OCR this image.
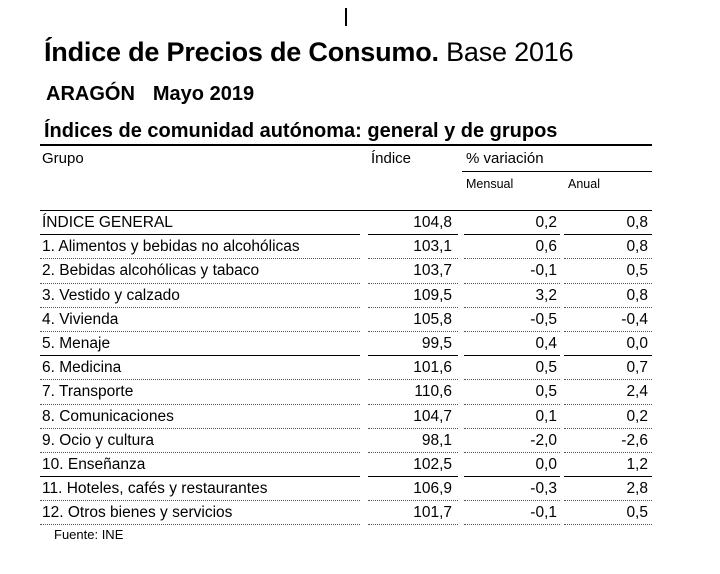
Índice de Precios de Consumo. Base 2016
ARAGÓN Mayo 2019
Índices de comunidad autónoma: general y de grupos
Grupo	Índice	% variación
Mensual	Anual
ÍNDICE GENERAL	104,8	0,2	0,8
1. Alimentos y bebidas no alcohólicas	103,1	0,6	0,8
2. Bebidas alcohólicas y tabaco	103,7	-0,1	0,5
3. Vestido y calzado	109,5	3,2	0,8
4. Vivienda	105,8	-0,5	-0,4
5. Menaje	99,5	0,4	0,0
6. Medicina	101,6	0,5	0,7
7. Transporte	110,6	0,5	2,4
8. Comunicaciones	104,7	0,1	0,2
9. Ocio y cultura	98,1	-2,0	-2,6
10. Enseñanza	102,5	0,0	1,2
11. Hoteles, cafés y restaurantes	106,9	-0,3	2,8
12. Otros bienes y servicios	101,7	-0,1	0,5
Fuente: INE
